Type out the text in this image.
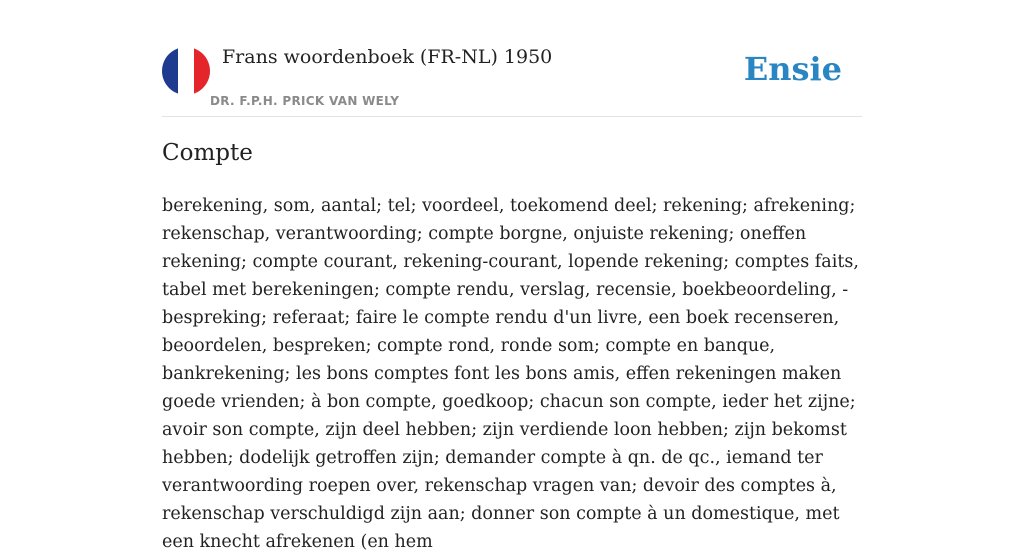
Frans woordenboek (FR-NL) 1950
DR. F.P.H. PRICK VAN WELY
Ensie
Compte

berekening, som, aantal; tel; voordeel, toekomend deel; rekening; afrekening; rekenschap, verantwoording; compte borgne, onjuiste rekening; oneffen rekening; compte courant, rekening-courant, lopende rekening; comptes faits, tabel met berekeningen; compte rendu, verslag, recensie, boekbeoordeling, -bespreking; referaat; faire le compte rendu d'un livre, een boek recenseren, beoordelen, bespreken; compte rond, ronde som; compte en banque, bankrekening; les bons comptes font les bons amis, effen rekeningen maken goede vrienden; à bon compte, goedkoop; chacun son compte, ieder het zijne; avoir son compte, zijn deel hebben; zijn verdiende loon hebben; zijn bekomst hebben; dodelijk getroffen zijn; demander compte à qn. de qc., iemand ter verantwoording roepen over, rekenschap vragen van; devoir des comptes à, rekenschap verschuldigd zijn aan; donner son compte à un domestique, met een knecht afrekenen (en hem
